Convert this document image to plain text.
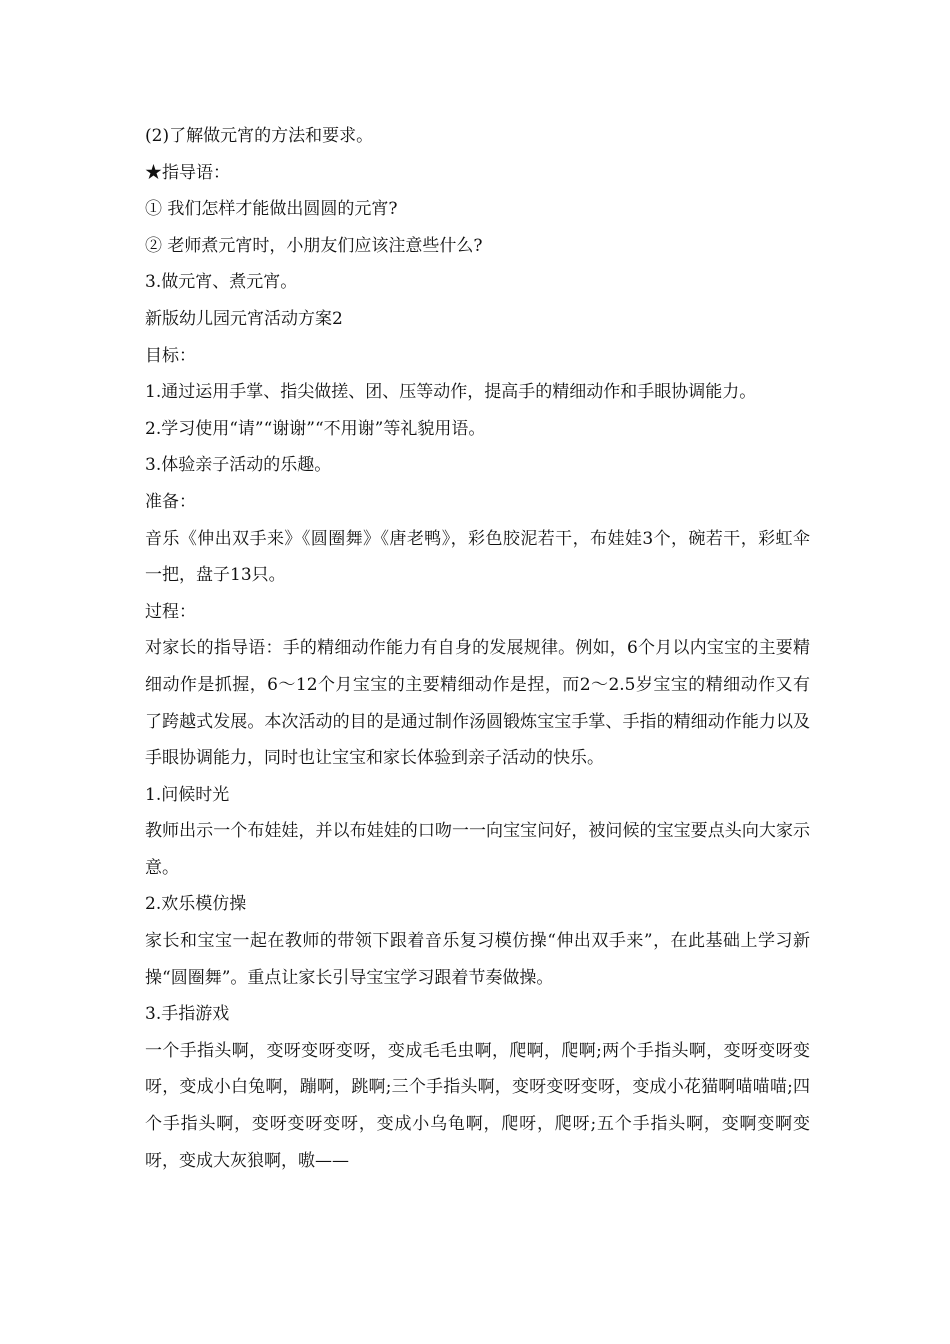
(2)了解做元宵的方法和要求。

★指导语：

① 我们怎样才能做出圆圆的元宵?

② 老师煮元宵时，小朋友们应该注意些什么?

3.做元宵、煮元宵。

新版幼儿园元宵活动方案2

目标：

1.通过运用手掌、指尖做搓、团、压等动作，提高手的精细动作和手眼协调能力。

2.学习使用“请”“谢谢”“不用谢”等礼貌用语。

3.体验亲子活动的乐趣。

准备：

音乐《伸出双手来》《圆圈舞》《唐老鸭》，彩色胶泥若干，布娃娃3个，碗若干，彩虹伞一把，盘子13只。

过程：

对家长的指导语：手的精细动作能力有自身的发展规律。例如，6个月以内宝宝的主要精细动作是抓握，6～12个月宝宝的主要精细动作是捏，而2～2.5岁宝宝的精细动作又有了跨越式发展。本次活动的目的是通过制作汤圆锻炼宝宝手掌、手指的精细动作能力以及手眼协调能力，同时也让宝宝和家长体验到亲子活动的快乐。

1.问候时光

教师出示一个布娃娃，并以布娃娃的口吻一一向宝宝问好，被问候的宝宝要点头向大家示意。

2.欢乐模仿操

家长和宝宝一起在教师的带领下跟着音乐复习模仿操“伸出双手来”，在此基础上学习新操“圆圈舞”。重点让家长引导宝宝学习跟着节奏做操。

3.手指游戏

一个手指头啊，变呀变呀变呀，变成毛毛虫啊，爬啊，爬啊;两个手指头啊，变呀变呀变呀，变成小白兔啊，蹦啊，跳啊;三个手指头啊，变呀变呀变呀，变成小花猫啊喵喵喵;四个手指头啊，变呀变呀变呀，变成小乌龟啊，爬呀，爬呀;五个手指头啊，变啊变啊变呀，变成大灰狼啊，嗷——
